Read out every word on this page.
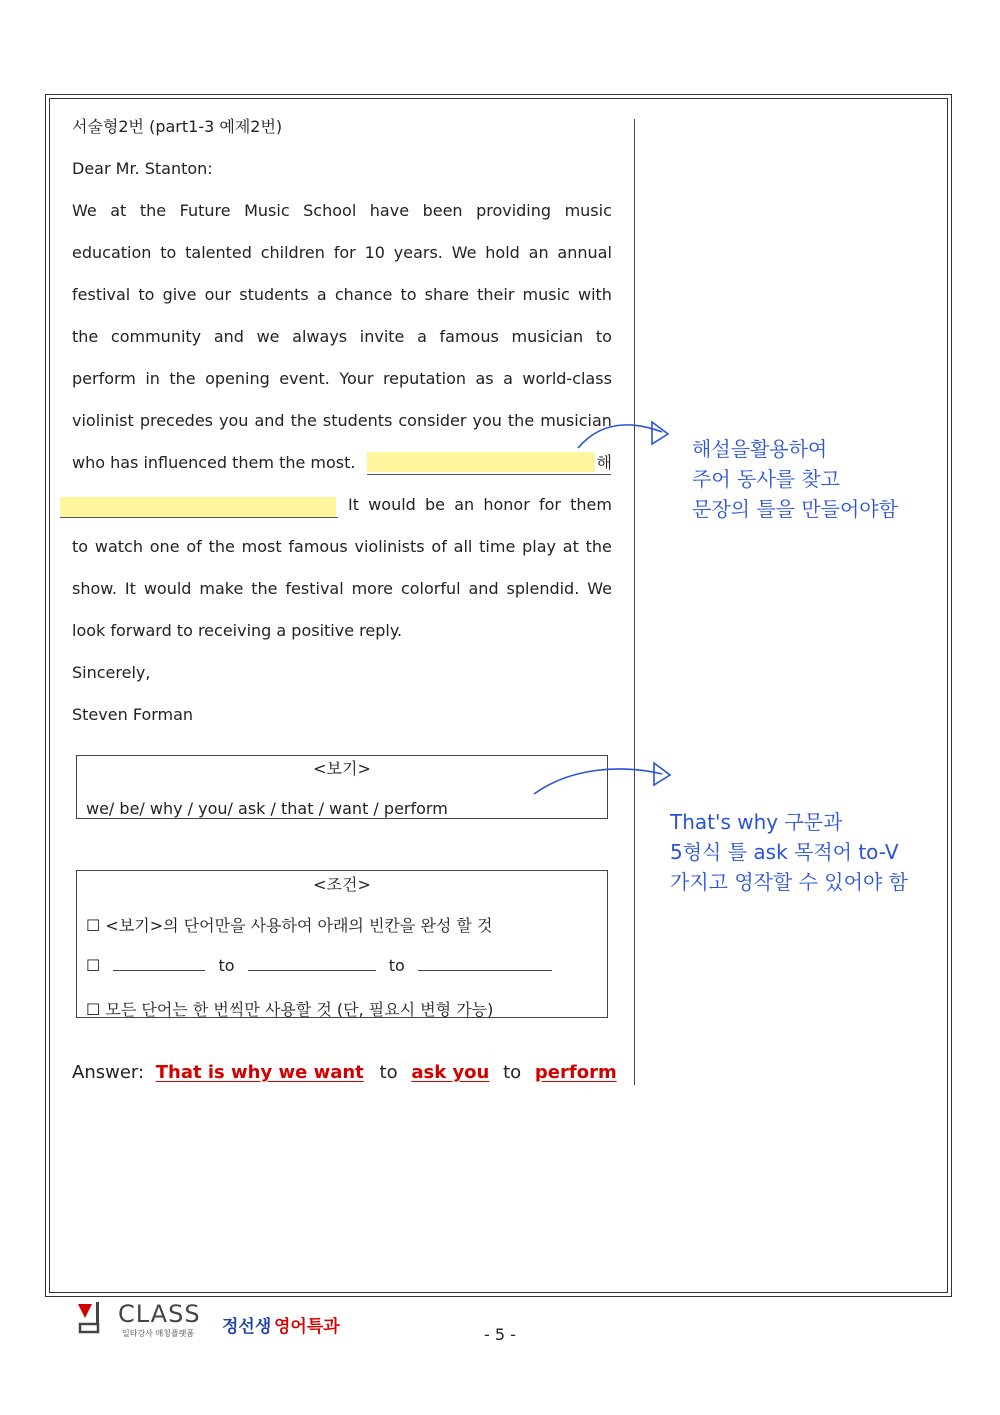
서술형2번 (part1-3 예제2번)
Dear Mr. Stanton:
We at the Future Music School have been providing music
education to talented children for 10 years. We hold an annual
festival to give our students a chance to share their music with
the community and we always invite a famous musician to
perform in the opening event. Your reputation as a world-class
violinist precedes you and the students consider you the musician
who has influenced them the most.	해
It would be an honor for them
to watch one of the most famous violinists of all time play at the
show. It would make the festival more colorful and splendid. We
look forward to receiving a positive reply.
Sincerely,
Steven Forman
<보기>
we/ be/ why / you/ ask / that / want / perform
<조건>
☐ <보기>의 단어만을 사용하여 아래의 빈칸을 완성 할 것
☐	to	to
☐ 모든 단어는 한 번씩만 사용할 것 (단, 필요시 변형 가능)
Answer: That is why we want to ask you to perform
해설을활용하여
주어 동사를 찾고
문장의 틀을 만들어야함
That's why 구문과
5형식 틀 ask 목적어 to-V
가지고 영작할 수 있어야 함
CLASS
일타강사 매칭플랫폼 정선생 영어특과	- 5 -
